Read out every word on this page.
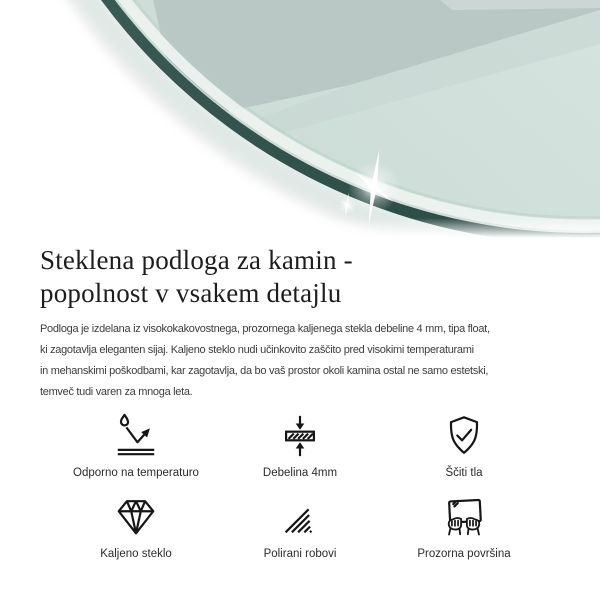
Steklena podloga za kamin -
popolnost v vsakem detajlu
Podloga je izdelana iz visokokakovostnega, prozornega kaljenega stekla debeline 4 mm, tipa float,
ki zagotavlja eleganten sijaj. Kaljeno steklo nudi učinkovito zaščito pred visokimi temperaturami
in mehanskimi poškodbami, kar zagotavlja, da bo vaš prostor okoli kamina ostal ne samo estetski,
temveč tudi varen za mnoga leta.
Odporno na temperaturo	Debelina 4mm	Ščiti tla
Kaljeno steklo	Polirani robovi	Prozorna površina
